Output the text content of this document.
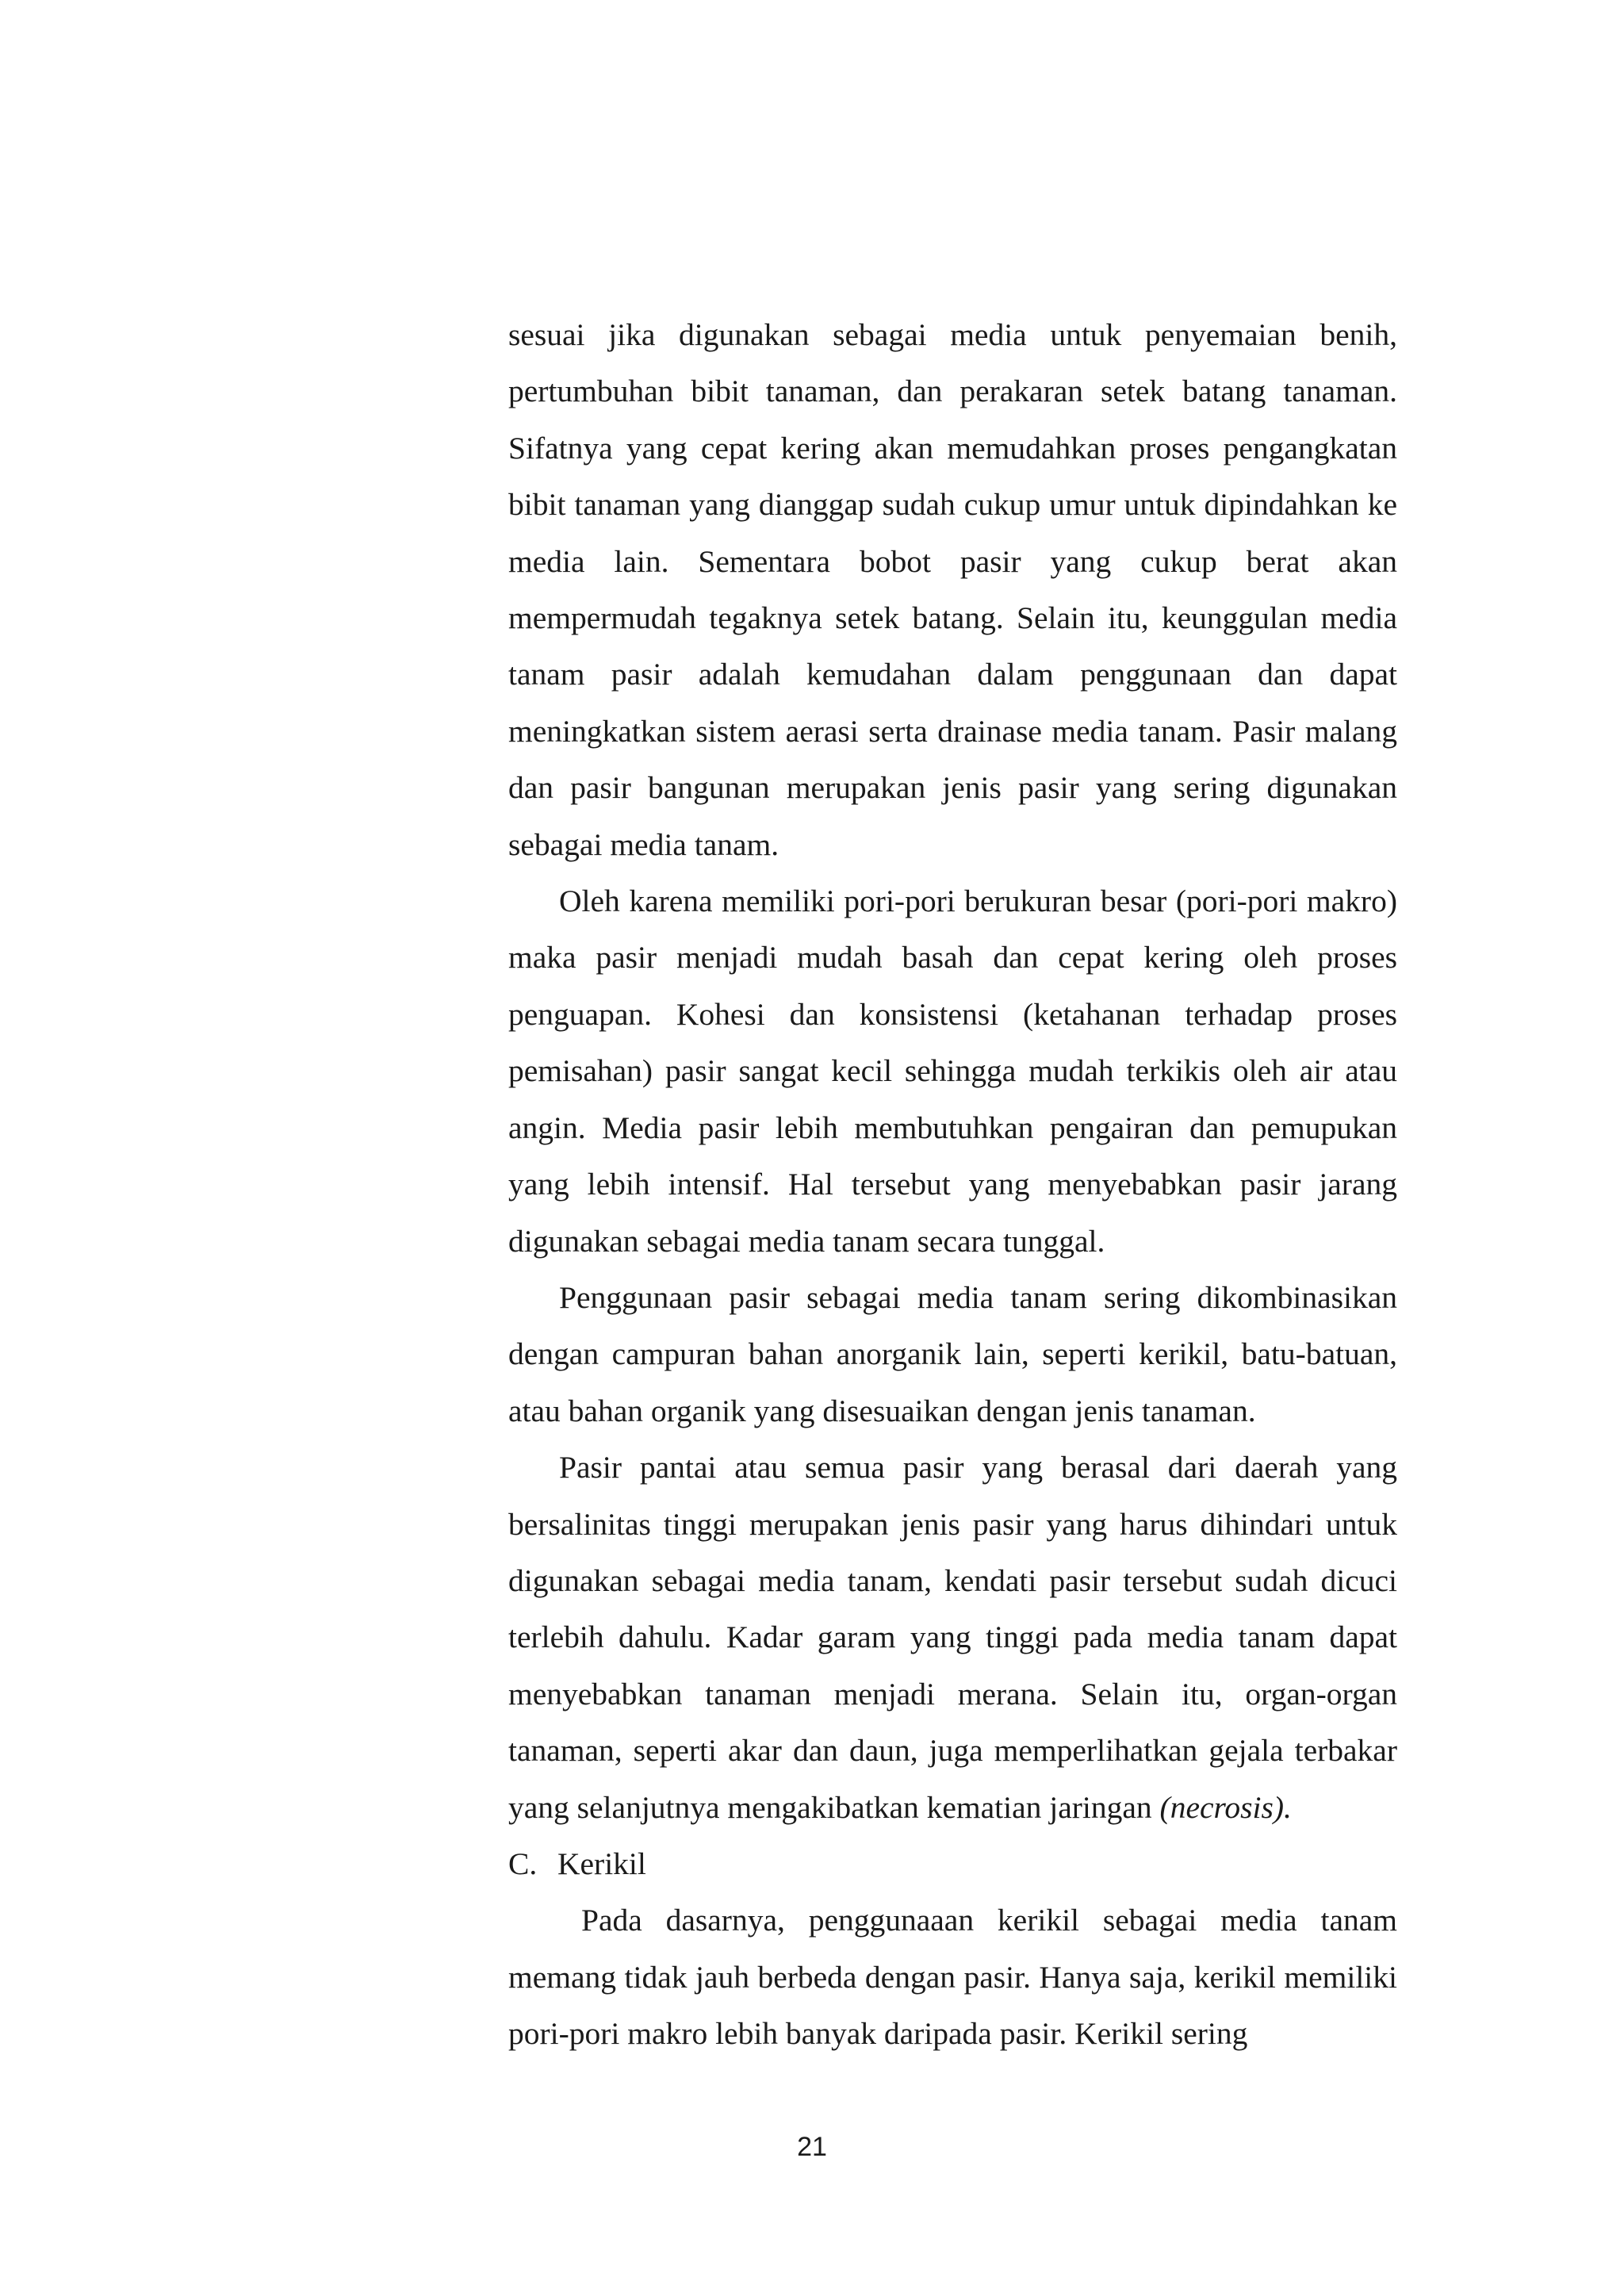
sesuai jika digunakan sebagai media untuk penyemaian benih, pertumbuhan bibit tanaman, dan perakaran setek batang tanaman. Sifatnya yang cepat kering akan memudahkan proses pengangkatan bibit tanaman yang dianggap sudah cukup umur untuk dipindahkan ke media lain. Sementara bobot pasir yang cukup berat akan mempermudah tegaknya setek batang. Selain itu, keunggulan media tanam pasir adalah kemudahan dalam penggunaan dan dapat meningkatkan sistem aerasi serta drainase media tanam. Pasir malang dan pasir bangunan merupakan jenis pasir yang sering digunakan sebagai media tanam.

Oleh karena memiliki pori-pori berukuran besar (pori-pori makro) maka pasir menjadi mudah basah dan cepat kering oleh proses penguapan. Kohesi dan konsistensi (ketahanan terhadap proses pemisahan) pasir sangat kecil sehingga mudah terkikis oleh air atau angin. Media pasir lebih membutuhkan pengairan dan pemupukan yang lebih intensif. Hal tersebut yang menyebabkan pasir jarang digunakan sebagai media tanam secara tunggal.

Penggunaan pasir sebagai media tanam sering dikombinasikan dengan campuran bahan anorganik lain, seperti kerikil, batu-batuan, atau bahan organik yang disesuaikan dengan jenis tanaman.

Pasir pantai atau semua pasir yang berasal dari daerah yang bersalinitas tinggi merupakan jenis pasir yang harus dihindari untuk digunakan sebagai media tanam, kendati pasir tersebut sudah dicuci terlebih dahulu. Kadar garam yang tinggi pada media tanam dapat menyebabkan tanaman menjadi merana. Selain itu, organ-organ tanaman, seperti akar dan daun, juga memperlihatkan gejala terbakar yang selanjutnya mengakibatkan kematian jaringan (necrosis).

C. Kerikil

Pada dasarnya, penggunaaan kerikil sebagai media tanam memang tidak jauh berbeda dengan pasir. Hanya saja, kerikil memiliki pori-pori makro lebih banyak daripada pasir. Kerikil sering

21
